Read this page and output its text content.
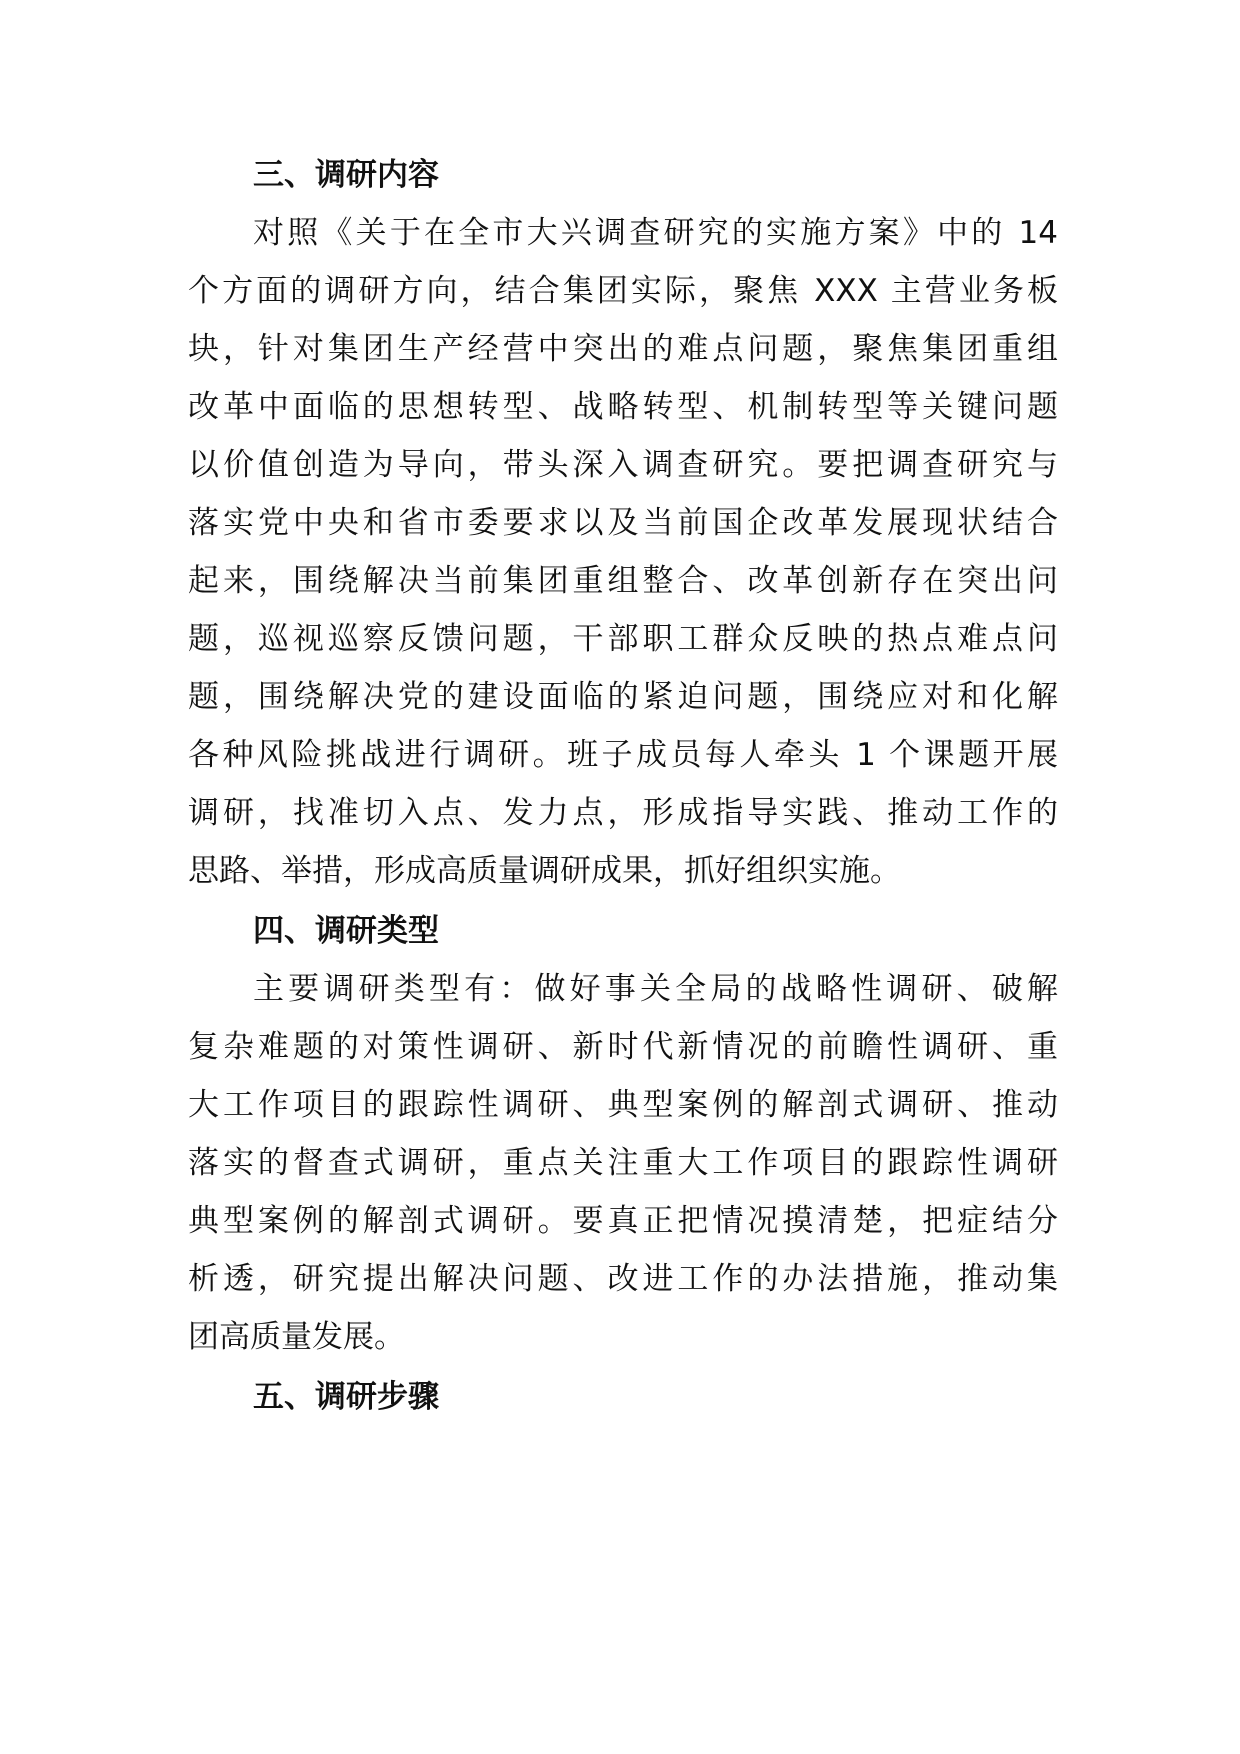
三、调研内容
对照《关于在全市大兴调查研究的实施方案》中的 14
个方面的调研方向，结合集团实际，聚焦 XXX 主营业务板
块，针对集团生产经营中突出的难点问题，聚焦集团重组
改革中面临的思想转型、战略转型、机制转型等关键问题
以价值创造为导向，带头深入调查研究。要把调查研究与
落实党中央和省市委要求以及当前国企改革发展现状结合
起来，围绕解决当前集团重组整合、改革创新存在突出问
题，巡视巡察反馈问题，干部职工群众反映的热点难点问
题，围绕解决党的建设面临的紧迫问题，围绕应对和化解
各种风险挑战进行调研。班子成员每人牵头 1 个课题开展
调研，找准切入点、发力点，形成指导实践、推动工作的
思路、举措，形成高质量调研成果，抓好组织实施。
四、调研类型
主要调研类型有：做好事关全局的战略性调研、破解
复杂难题的对策性调研、新时代新情况的前瞻性调研、重
大工作项目的跟踪性调研、典型案例的解剖式调研、推动
落实的督查式调研，重点关注重大工作项目的跟踪性调研
典型案例的解剖式调研。要真正把情况摸清楚，把症结分
析透，研究提出解决问题、改进工作的办法措施，推动集
团高质量发展。
五、调研步骤
